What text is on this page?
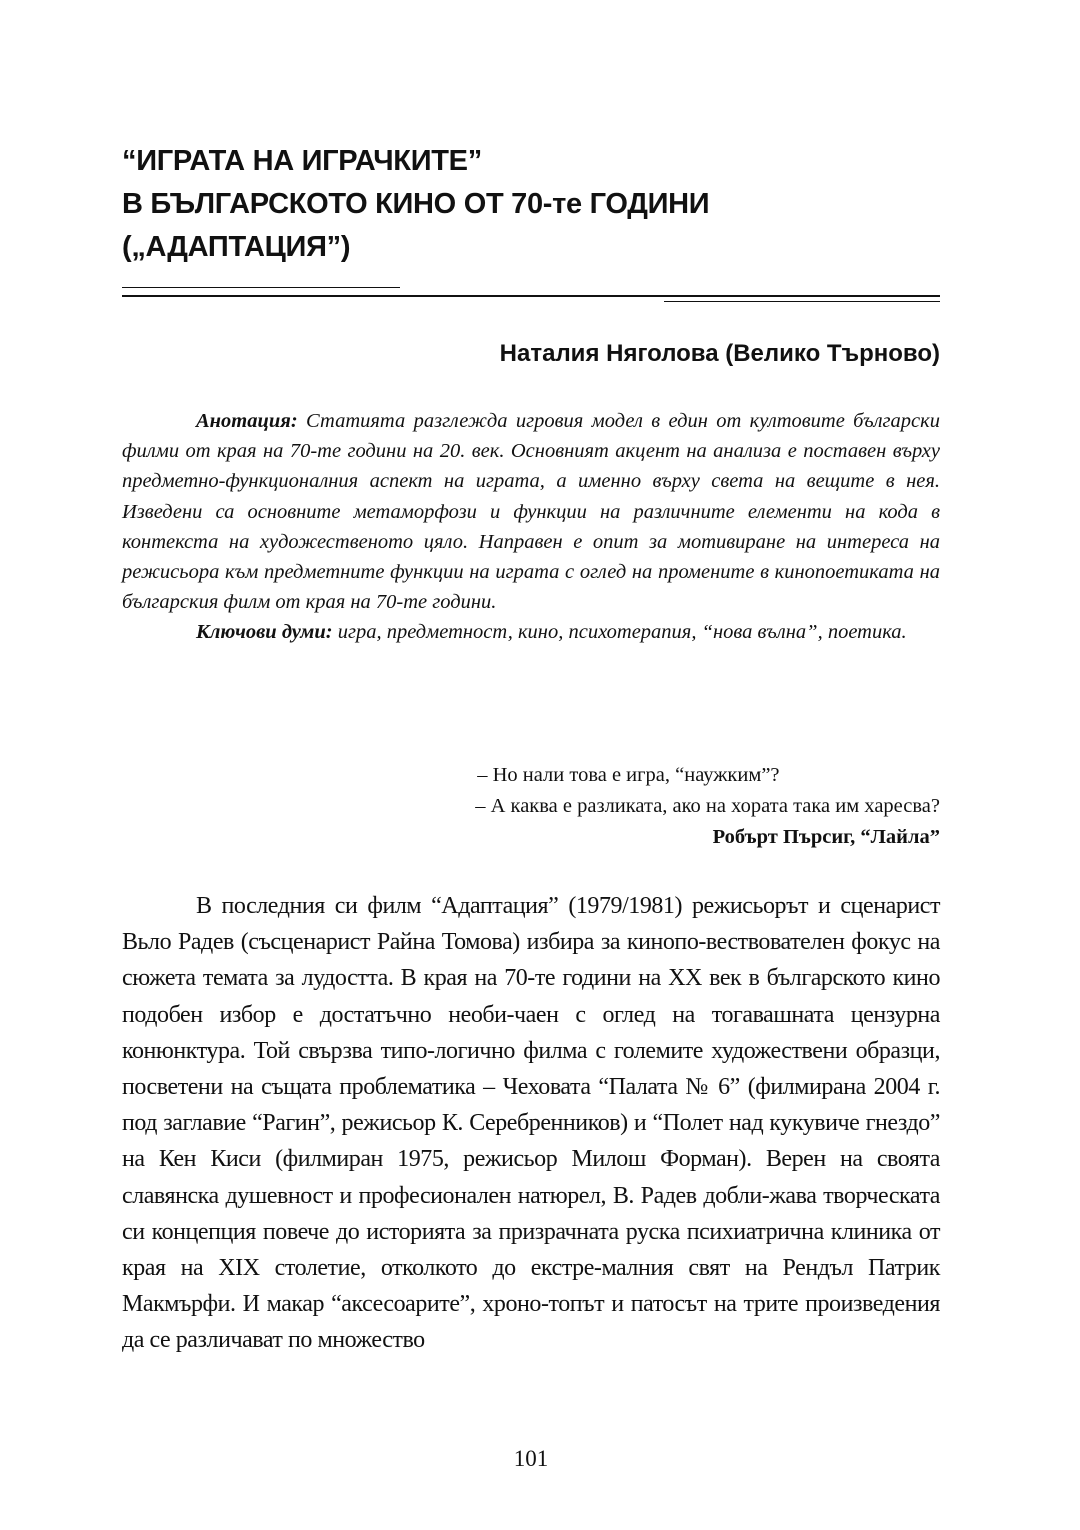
“ИГРАТА НА ИГРАЧКИТЕ”
В БЪЛГАРСКОТО КИНО ОТ 70-те ГОДИНИ
(„АДАПТАЦИЯ”)
Наталия Няголова (Велико Търново)

Анотация: Статията разглежда игровия модел в един от култовите български филми от края на 70-те години на 20. век. Основният акцент на анализа е поставен върху предметно-функционалния аспект на играта, а именно върху света на вещите в нея. Изведени са основните метаморфози и функции на различните елементи на кода в контекста на художественото цяло. Направен е опит за мотивиране на интереса на режисьора към предметните функции на играта с оглед на промените в кинопоетиката на българския филм от края на 70-те години.

Ключови думи: игра, предметност, кино, психотерапия, “нова вълна”, поетика.

– Но нали това е игра, “наужким”?
– А каква е разликата, ако на хората така им харесва?
Робърт Пърсиг, “Лайла”

В последния си филм “Адаптация” (1979/1981) режисьорът и сценарист Вьло Радев (съсценарист Райна Томова) избира за кинопо-вествователен фокус на сюжета темата за лудостта. В края на 70-те години на ХХ век в българското кино подобен избор е достатъчно необи-чаен с оглед на тогавашната цензурна конюнктура. Той свързва типо-логично филма с големите художествени образци, посветени на същата проблематика – Чеховата “Палата № 6” (филмирана 2004 г. под заглавие “Рагин”, режисьор К. Серебренников) и “Полет над кукувиче гнездо” на Кен Киси (филмиран 1975, режисьор Милош Форман). Верен на своята славянска душевност и професионален натюрел, В. Радев добли-жава творческата си концепция повече до историята за призрачната руска психиатрична клиника от края на XIX столетие, отколкото до екстре-малния свят на Рендъл Патрик Макмърфи. И макар “аксесоарите”, хроно-топът и патосът на трите произведения да се различават по множество

101
